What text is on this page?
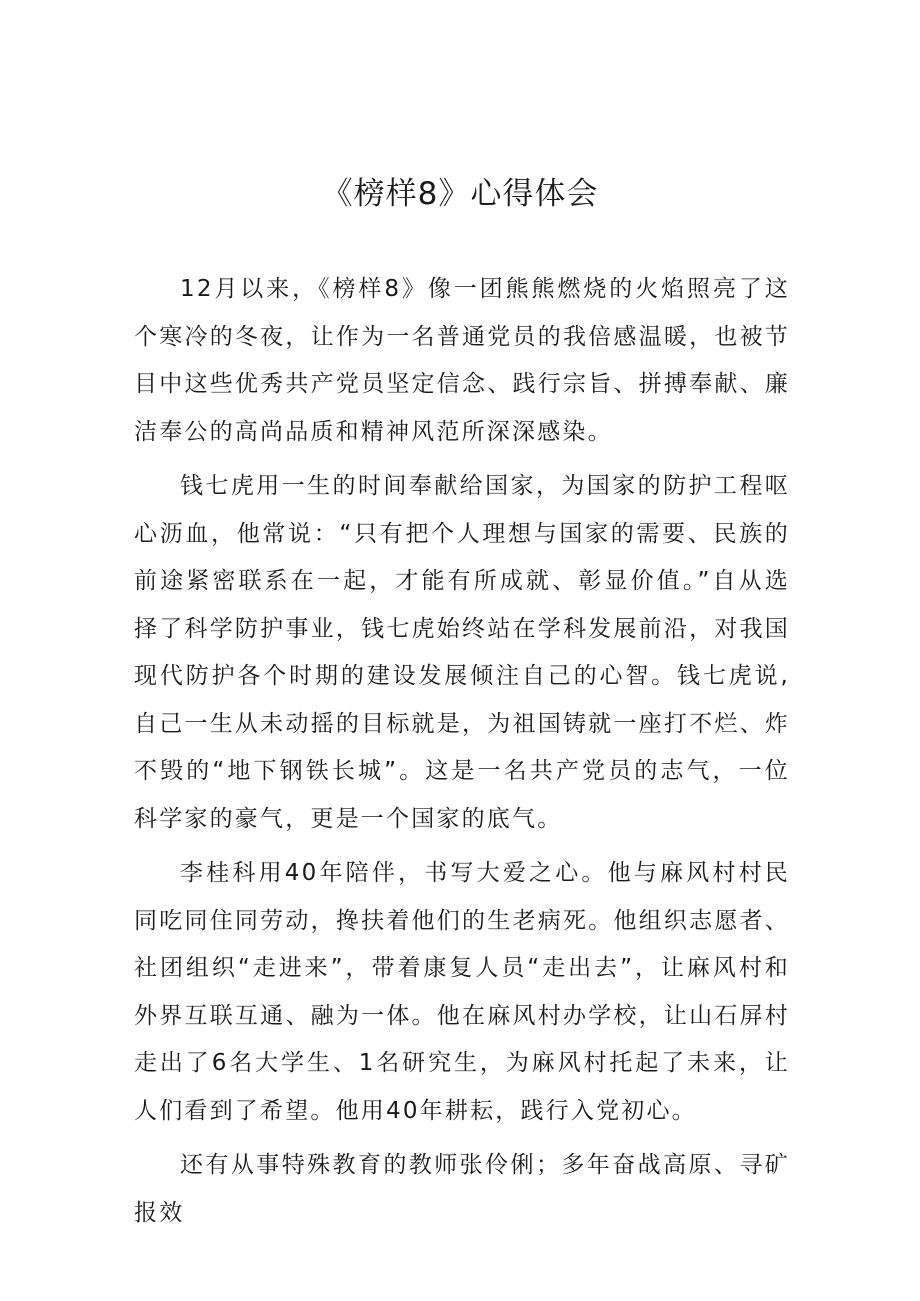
《榜样8》心得体会

12月以来，《榜样8》像一团熊熊燃烧的火焰照亮了这个寒冷的冬夜，让作为一名普通党员的我倍感温暖，也被节目中这些优秀共产党员坚定信念、践行宗旨、拼搏奉献、廉洁奉公的高尚品质和精神风范所深深感染。

钱七虎用一生的时间奉献给国家，为国家的防护工程呕心沥血，他常说：“只有把个人理想与国家的需要、民族的前途紧密联系在一起，才能有所成就、彰显价值。”自从选择了科学防护事业，钱七虎始终站在学科发展前沿，对我国现代防护各个时期的建设发展倾注自己的心智。钱七虎说,自己一生从未动摇的目标就是，为祖国铸就一座打不烂、炸不毁的“地下钢铁长城”。这是一名共产党员的志气，一位科学家的豪气，更是一个国家的底气。

李桂科用40年陪伴，书写大爱之心。他与麻风村村民同吃同住同劳动，搀扶着他们的生老病死。他组织志愿者、社团组织“走进来”，带着康复人员“走出去”，让麻风村和外界互联互通、融为一体。他在麻风村办学校，让山石屏村走出了6名大学生、1名研究生，为麻风村托起了未来，让人们看到了希望。他用40年耕耘，践行入党初心。

还有从事特殊教育的教师张伶俐；多年奋战高原、寻矿报效
